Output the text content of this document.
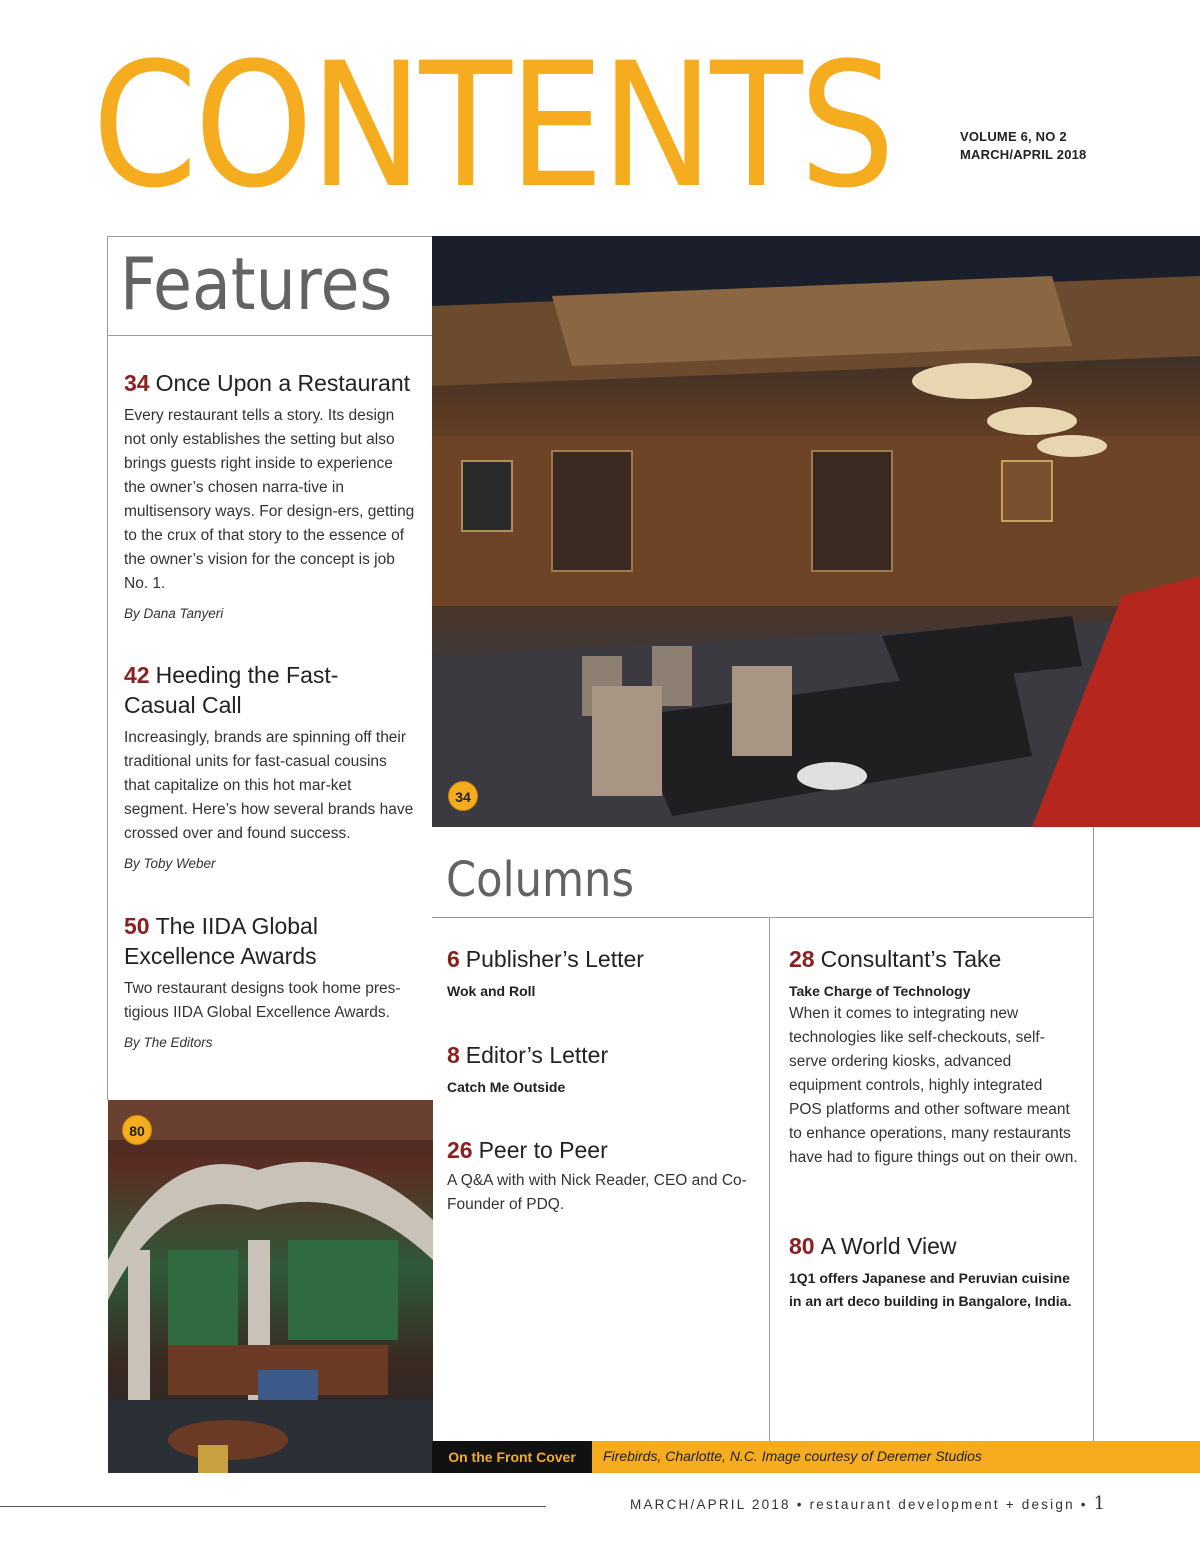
CONTENTS	VOLUME 6, NO 2
MARCH/APRIL 2018
Features

34 Once Upon a Restaurant

Every restaurant tells a story. Its design not only establishes the setting but also brings guests right inside to experience the owner’s chosen narra-tive in multisensory ways. For design-ers, getting to the crux of that story to the essence of the owner’s vision for the concept is job No. 1.

By Dana Tanyeri

42 Heeding the Fast-Casual Call

Increasingly, brands are spinning off their traditional units for fast-casual cousins that capitalize on this hot mar-ket segment. Here’s how several brands have crossed over and found success.

By Toby Weber

50 The IIDA Global Excellence Awards

Two restaurant designs took home pres-tigious IIDA Global Excellence Awards.

By The Editors
34
80
Columns

6 Publisher’s Letter

Wok and Roll

8 Editor’s Letter

Catch Me Outside

26 Peer to Peer

A Q&A with with Nick Reader, CEO and Co-Founder of PDQ.

28 Consultant’s Take

Take Charge of Technology
When it comes to integrating new technologies like self-checkouts, self-serve ordering kiosks, advanced equipment controls, highly integrated POS platforms and other software meant to enhance operations, many restaurants have had to figure things out on their own.

80 A World View

1Q1 offers Japanese and Peruvian cuisine in an art deco building in Bangalore, India.
On the Front Cover	Firebirds, Charlotte, N.C. Image courtesy of Deremer Studios
MARCH/APRIL 2018 • restaurant development + design • 1
